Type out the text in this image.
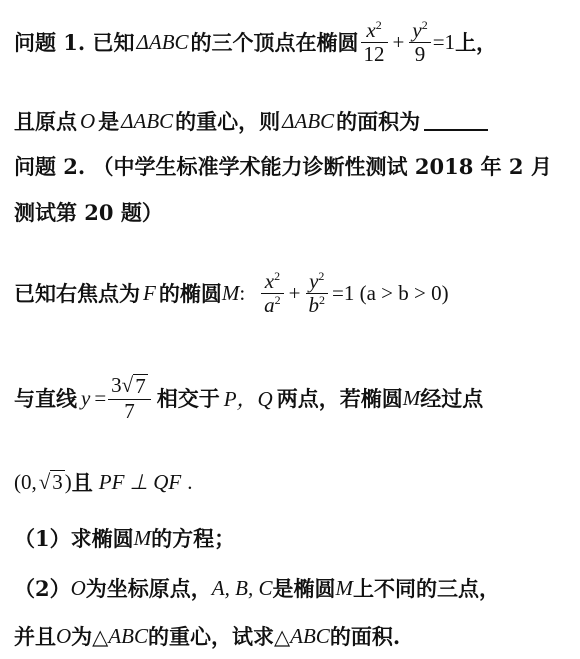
问题 1. 已知 ΔABC 的三个顶点在椭圆 $\frac{x^2}{12} + \frac{y^2}{9} =1$ 上，
且原点 O 是 ΔABC 的重心，则 ΔABC 的面积为
问题 2. （中学生标准学术能力诊断性测试 2018 年 2 月
测试第 20 题）
已知右焦点为 F 的椭圆 M : $\frac{x^2}{a^2} + \frac{y^2}{b^2} =1$ (a > b > 0)
与直线 $y = \frac{3 √ 7}{7}$ 相交于 P，Q 两点，若椭圆 M 经过点
(0, √ 3 ) 且 PF ⊥ QF .
（1）求椭圆 M 的方程；
（2） O 为坐标原点， A, B, C 是椭圆 M 上不同的三点，
并且 O 为△ ABC 的重心，试求△ ABC 的面积.
